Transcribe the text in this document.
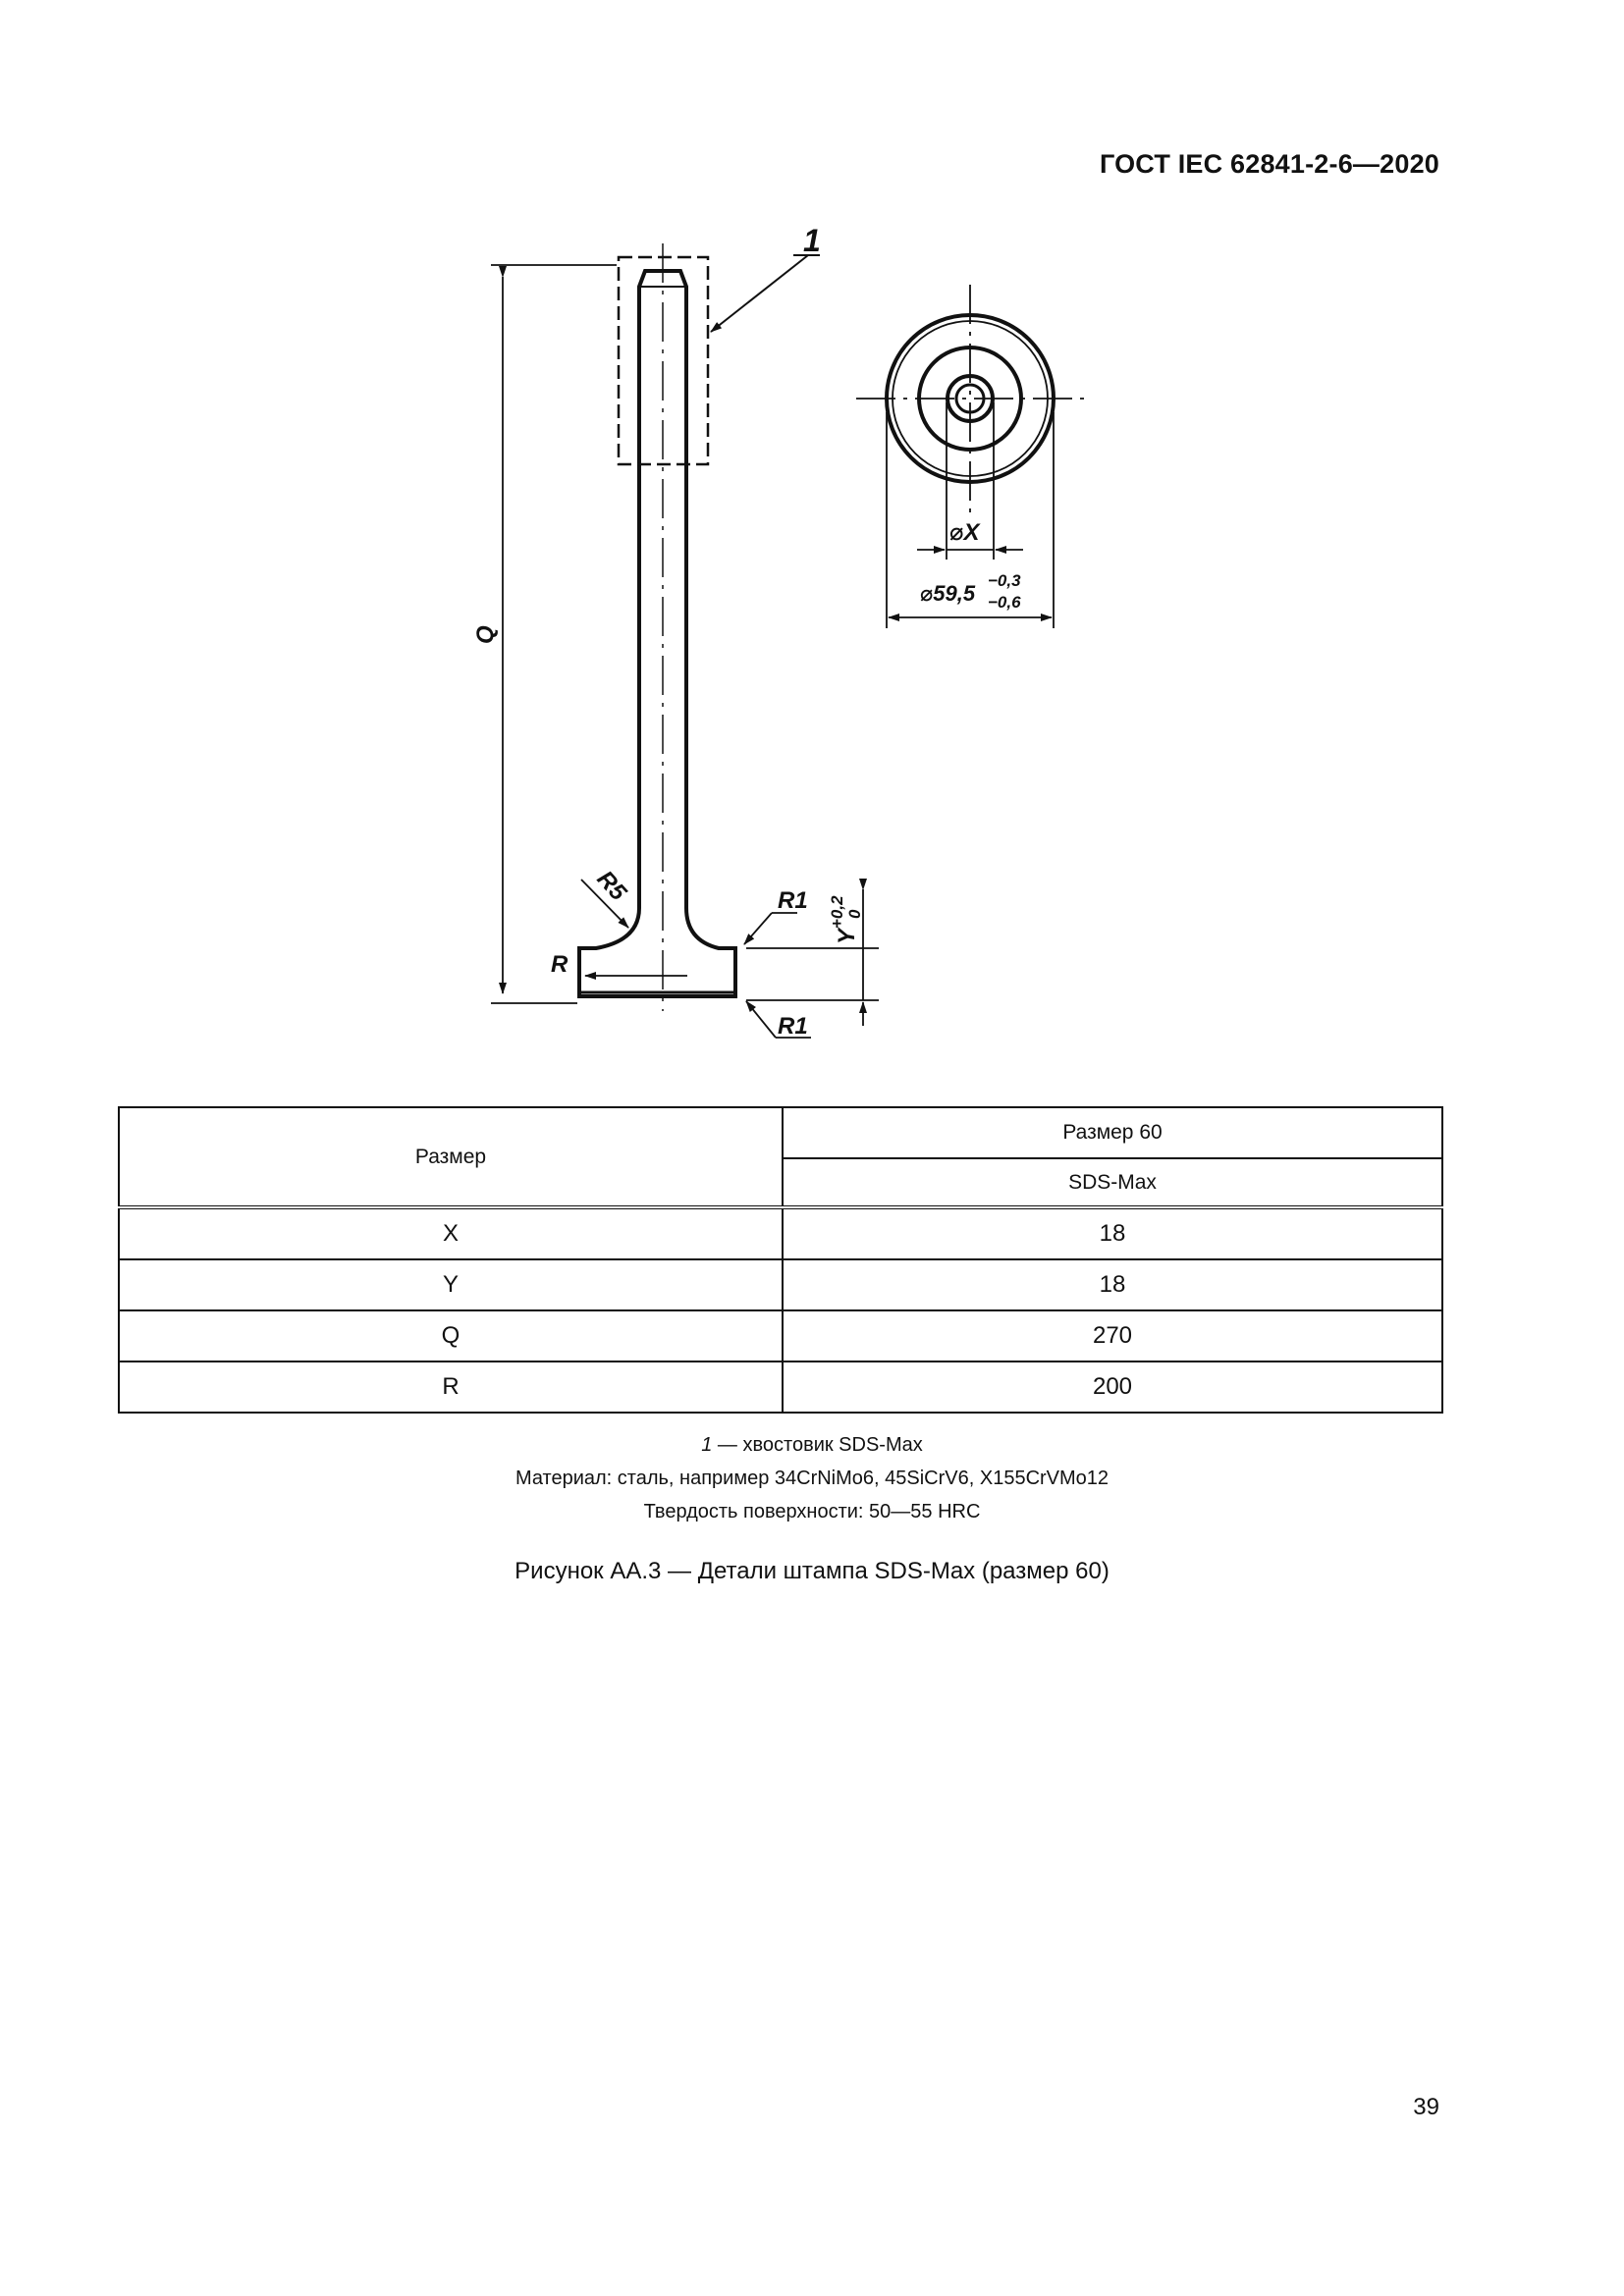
ГОСТ IEC 62841-2-6—2020
1
Q
R
R5	R1
R1
Y
+0,2 0
⌀X
⌀59,5
−0,3
−0,6
Размер	Размер 60
	SDS-Max
X	18
Y	18
Q	270
R	200
1 — хвостовик SDS-Max
Материал: сталь, например 34CrNiMo6, 45SiCrV6, X155CrVMo12
Твердость поверхности: 50—55 HRC
Рисунок АА.3 — Детали штампа SDS-Max (размер 60)
39
